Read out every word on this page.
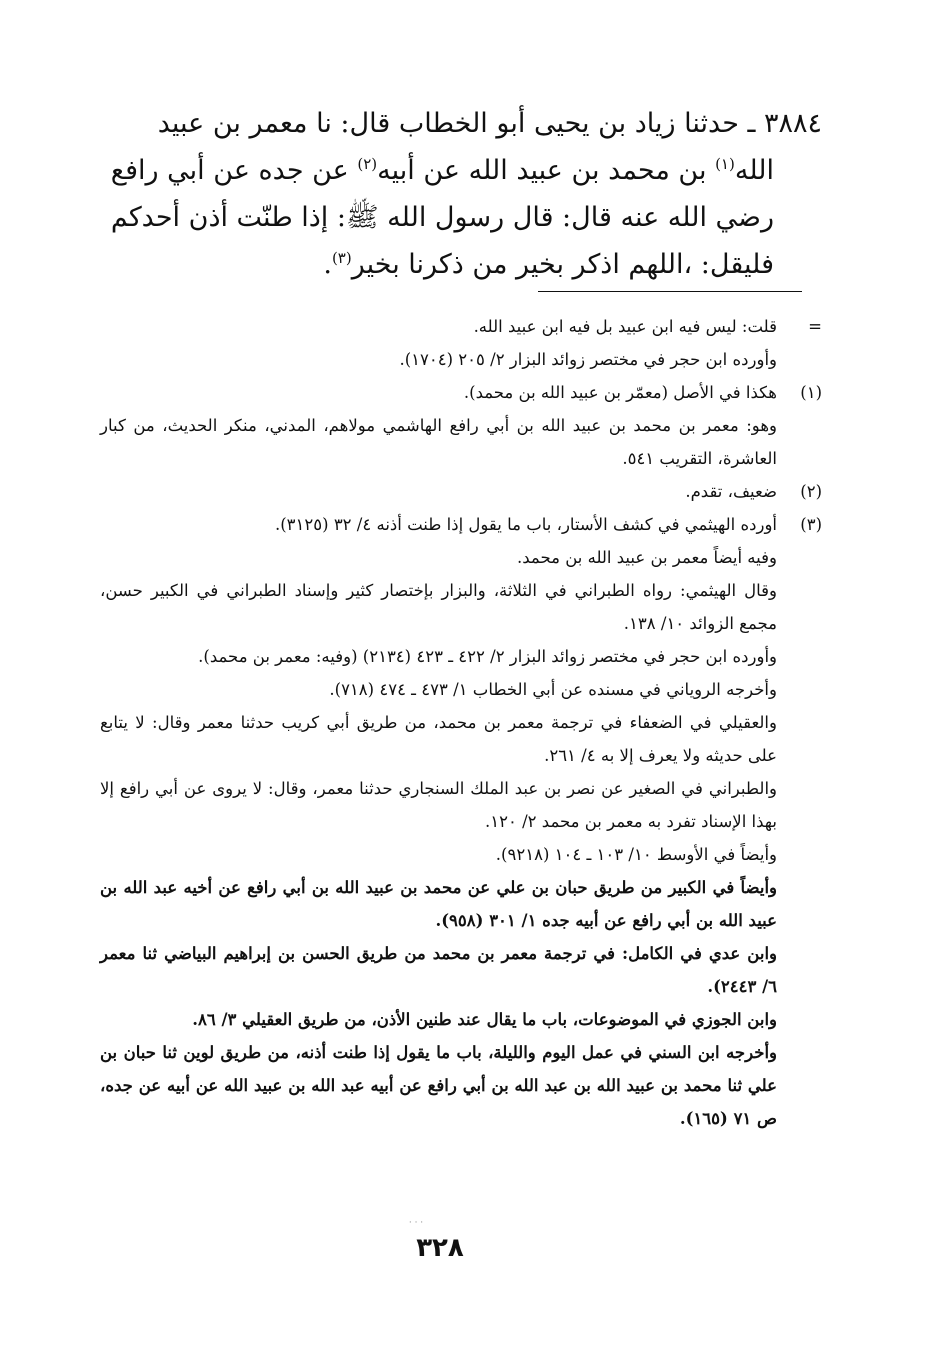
٣٨٨٤ ـ حدثنا زياد بن يحيى أبو الخطاب قال: نا معمر بن عبيد
الله$^{(١)}$ بن محمد بن عبيد الله عن أبيه$^{(٢)}$ عن جده عن أبي رافع
رضي الله عنه قال: قال رسول الله ﷺ: إذا طنّت أذن أحدكم
فليقل: ،اللهم اذكر بخير من ذكرنا بخير$^{(٣)}$.
=
قلت: ليس فيه ابن عبيد بل فيه ابن عبيد الله.
وأورده ابن حجر في مختصر زوائد البزار ٢/ ٢٠٥ (١٧٠٤).
(١)
هكذا في الأصل (معمّر بن عبيد الله بن محمد).
وهو: معمر بن محمد بن عبيد الله بن أبي رافع الهاشمي مولاهم، المدني، منكر الحديث، من كبار العاشرة، التقريب ٥٤١.
(٢)
ضعيف، تقدم.
(٣)
أورده الهيثمي في كشف الأستار، باب ما يقول إذا طنت أذنه ٤/ ٣٢ (٣١٢٥).
وفيه أيضاً معمر بن عبيد الله بن محمد.
وقال الهيثمي: رواه الطبراني في الثلاثة، والبزار بإختصار كثير وإسناد الطبراني في الكبير حسن، مجمع الزوائد ١٠/ ١٣٨.
وأورده ابن حجر في مختصر زوائد البزار ٢/ ٤٢٢ ـ ٤٢٣ (٢١٣٤) (وفيه: معمر بن محمد).
وأخرجه الروياني في مسنده عن أبي الخطاب ١/ ٤٧٣ ـ ٤٧٤ (٧١٨).
والعقيلي في الضعفاء في ترجمة معمر بن محمد، من طريق أبي كريب حدثنا معمر وقال: لا يتابع على حديثه ولا يعرف إلا به ٤/ ٢٦١.
والطبراني في الصغير عن نصر بن عبد الملك السنجاري حدثنا معمر، وقال: لا يروى عن أبي رافع إلا بهذا الإسناد تفرد به معمر بن محمد ٢/ ١٢٠.
وأيضاً في الأوسط ١٠/ ١٠٣ ـ ١٠٤ (٩٢١٨).
وأيضاً في الكبير من طريق حبان بن علي عن محمد بن عبيد الله بن أبي رافع عن أخيه عبد الله بن عبيد الله بن أبي رافع عن أبيه جده ١/ ٣٠١ (٩٥٨).
وابن عدي في الكامل: في ترجمة معمر بن محمد من طريق الحسن بن إبراهيم البياضي ثنا معمر ٦/ ٢٤٤٣).
وابن الجوزي في الموضوعات، باب ما يقال عند طنين الأذن، من طريق العقيلي ٣/ ٨٦.
وأخرجه ابن السني في عمل اليوم والليلة، باب ما يقول إذا طنت أذنه، من طريق لوين ثنا حبان بن علي ثنا محمد بن عبيد الله بن عبد الله بن أبي رافع عن أبيه عبد الله بن عبيد الله عن أبيه عن جده، ص ٧١ (١٦٥).
· · ·
٣٢٨
